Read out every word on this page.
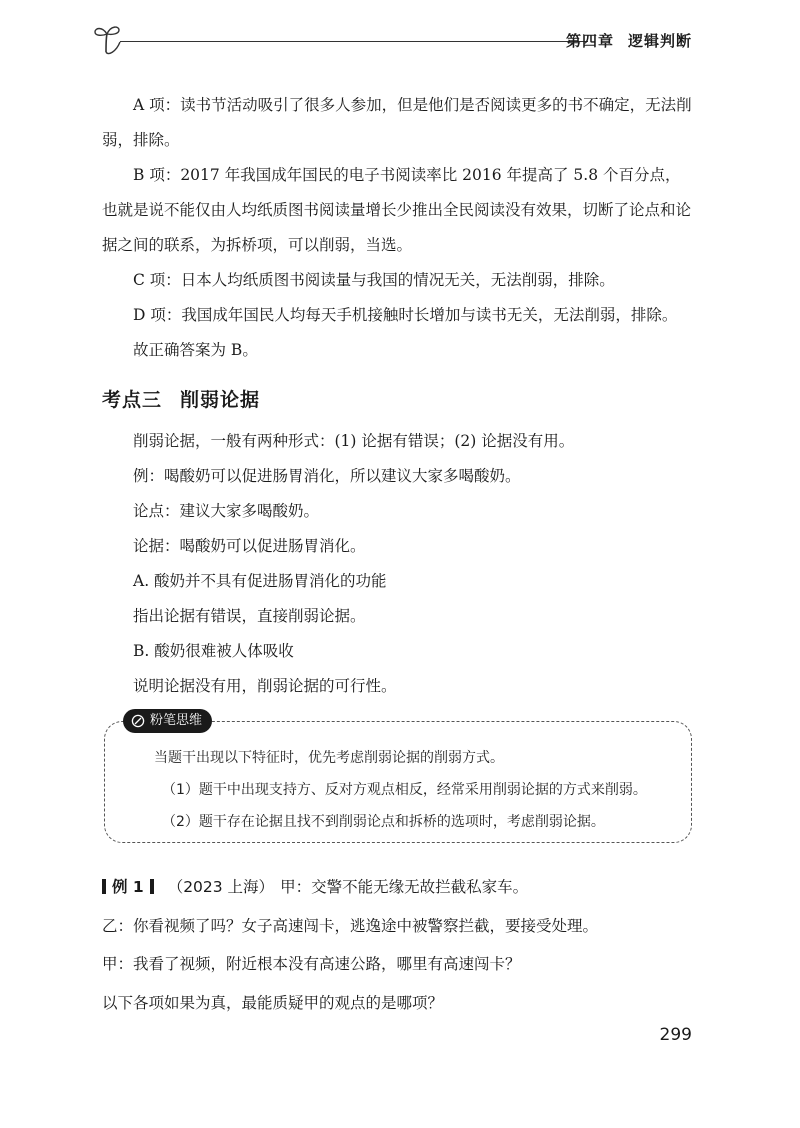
第四章 逻辑判断

A 项：读书节活动吸引了很多人参加，但是他们是否阅读更多的书不确定，无法削弱，排除。

B 项：2017 年我国成年国民的电子书阅读率比 2016 年提高了 5.8 个百分点，也就是说不能仅由人均纸质图书阅读量增长少推出全民阅读没有效果，切断了论点和论据之间的联系，为拆桥项，可以削弱，当选。

C 项：日本人均纸质图书阅读量与我国的情况无关，无法削弱，排除。

D 项：我国成年国民人均每天手机接触时长增加与读书无关，无法削弱，排除。

故正确答案为 B。

考点三 削弱论据

削弱论据，一般有两种形式：(1) 论据有错误；(2) 论据没有用。

例：喝酸奶可以促进肠胃消化，所以建议大家多喝酸奶。

论点：建议大家多喝酸奶。

论据：喝酸奶可以促进肠胃消化。

A. 酸奶并不具有促进肠胃消化的功能

指出论据有错误，直接削弱论据。

B. 酸奶很难被人体吸收

说明论据没有用，削弱论据的可行性。

粉笔思维
当题干出现以下特征时，优先考虑削弱论据的削弱方式。
（1）题干中出现支持方、反对方观点相反，经常采用削弱论据的方式来削弱。
（2）题干存在论据且找不到削弱论点和拆桥的选项时，考虑削弱论据。

例 1 （2023 上海） 甲：交警不能无缘无故拦截私家车。

乙：你看视频了吗？女子高速闯卡，逃逸途中被警察拦截，要接受处理。

甲：我看了视频，附近根本没有高速公路，哪里有高速闯卡？

以下各项如果为真，最能质疑甲的观点的是哪项？

299
